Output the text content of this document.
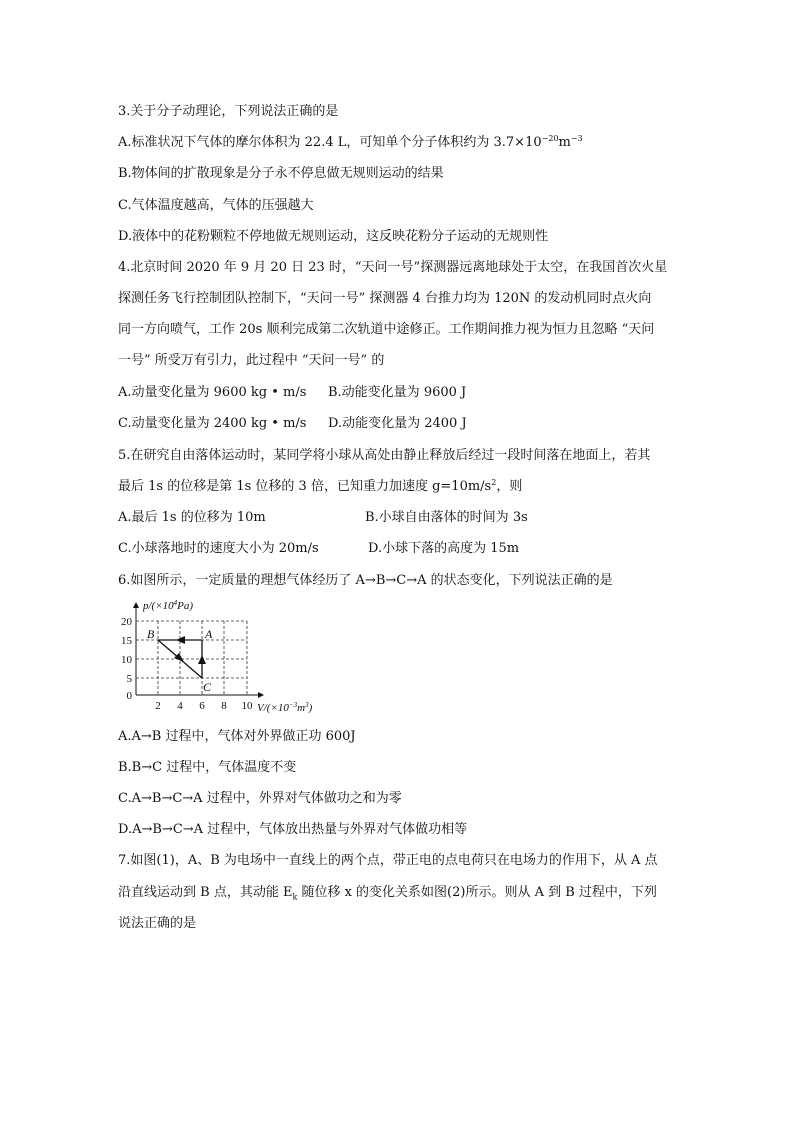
3.关于分子动理论，下列说法正确的是
A.标准状况下气体的摩尔体积为 22.4 L，可知单个分子体积约为 $3.7\times 10^{-20}m^{-3}$
B.物体间的扩散现象是分子永不停息做无规则运动的结果
C.气体温度越高，气体的压强越大
D.液体中的花粉颗粒不停地做无规则运动，这反映花粉分子运动的无规则性
4.北京时间 2020 年 9 月 20 日 23 时，“天问一号”探测器远离地球处于太空，在我国首次火星
探测任务飞行控制团队控制下，“天问一号” 探测器 4 台推力均为 120N 的发动机同时点火向
同一方向喷气，工作 20s 顺利完成第二次轨道中途修正。工作期间推力视为恒力且忽略 “天问
一号” 所受万有引力，此过程中 “天问一号” 的
A.动量变化量为 9600 kg • m/s B.动能变化量为 9600 J
C.动量变化量为 2400 kg • m/s D.动能变化量为 2400 J
5.在研究自由落体运动时，某同学将小球从高处由静止释放后经过一段时间落在地面上，若其
最后 1s 的位移是第 1s 位移的 3 倍，已知重力加速度 $g=10m/s^2$，则
A.最后 1s 的位移为 10m	B.小球自由落体的时间为 3s
C.小球落地时的速度大小为 20m/s	D.小球下落的高度为 15m
6.如图所示，一定质量的理想气体经历了 A→B→C→A 的状态变化，下列说法正确的是
20
15
10
5
0
2 4 6 8 10
$p/(\times 10^4Pa)$
$V/(\times 10^{-3}m^3)$
B	A
C
A.A→B 过程中，气体对外界做正功 600J
B.B→C 过程中，气体温度不变
C.A→B→C→A 过程中，外界对气体做功之和为零
D.A→B→C→A 过程中，气体放出热量与外界对气体做功相等
7.如图(1)，A、B 为电场中一直线上的两个点，带正电的点电荷只在电场力的作用下，从 A 点
沿直线运动到 B 点，其动能 $E_k$ 随位移 x 的变化关系如图(2)所示。则从 A 到 B 过程中，下列
说法正确的是
